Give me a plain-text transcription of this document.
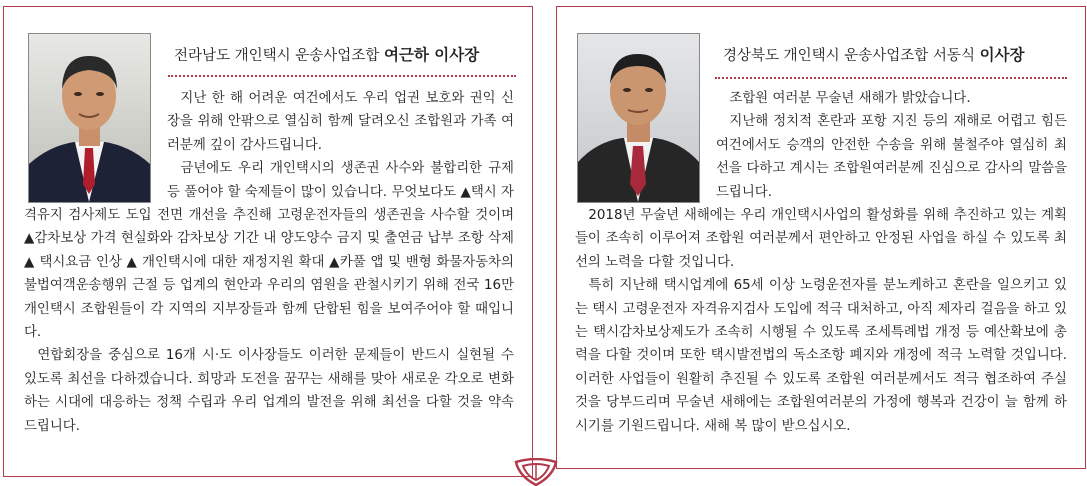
전라남도 개인택시 운송사업조합 여근하 이사장

지난 한 해 어려운 여건에서도 우리 업권 보호와 권익 신장을 위해 안팎으로 열심히 함께 달려오신 조합원과 가족 여러분께 깊이 감사드립니다.

금년에도 우리 개인택시의 생존권 사수와 불합리한 규제 등 풀어야 할 숙제들이 많이 있습니다. 무엇보다도 ▲택시 자격유지 검사제도 도입 전면 개선을 추진해 고령운전자들의 생존권을 사수할 것이며 ▲감차보상 가격 현실화와 감차보상 기간 내 양도양수 금지 및 출연금 납부 조항 삭제 ▲ 택시요금 인상 ▲ 개인택시에 대한 재정지원 확대 ▲카풀 앱 및 밴형 화물자동차의 불법여객운송행위 근절 등 업계의 현안과 우리의 염원을 관철시키기 위해 전국 16만 개인택시 조합원들이 각 지역의 지부장들과 함께 단합된 힘을 보여주어야 할 때입니다.

연합회장을 중심으로 16개 시·도 이사장들도 이러한 문제들이 반드시 실현될 수 있도록 최선을 다하겠습니다. 희망과 도전을 꿈꾸는 새해를 맞아 새로운 각오로 변화하는 시대에 대응하는 정책 수립과 우리 업계의 발전을 위해 최선을 다할 것을 약속드립니다.

경상북도 개인택시 운송사업조합 서동식 이사장

조합원 여러분 무술년 새해가 밝았습니다.

지난해 정치적 혼란과 포항 지진 등의 재해로 어렵고 힘든 여건에서도 승객의 안전한 수송을 위해 불철주야 열심히 최선을 다하고 계시는 조합원여러분께 진심으로 감사의 말씀을 드립니다.

2018년 무술년 새해에는 우리 개인택시사업의 활성화를 위해 추진하고 있는 계획들이 조속히 이루어져 조합원 여러분께서 편안하고 안정된 사업을 하실 수 있도록 최선의 노력을 다할 것입니다.

특히 지난해 택시업계에 65세 이상 노령운전자를 분노케하고 혼란을 일으키고 있는 택시 고령운전자 자격유지검사 도입에 적극 대처하고, 아직 제자리 걸음을 하고 있는 택시감차보상제도가 조속히 시행될 수 있도록 조세특례법 개정 등 예산확보에 총력을 다할 것이며 또한 택시발전법의 독소조항 폐지와 개정에 적극 노력할 것입니다. 이러한 사업들이 원활히 추진될 수 있도록 조합원 여러분께서도 적극 협조하여 주실 것을 당부드리며 무술년 새해에는 조합원여러분의 가정에 행복과 건강이 늘 함께 하시기를 기원드립니다. 새해 복 많이 받으십시오.
